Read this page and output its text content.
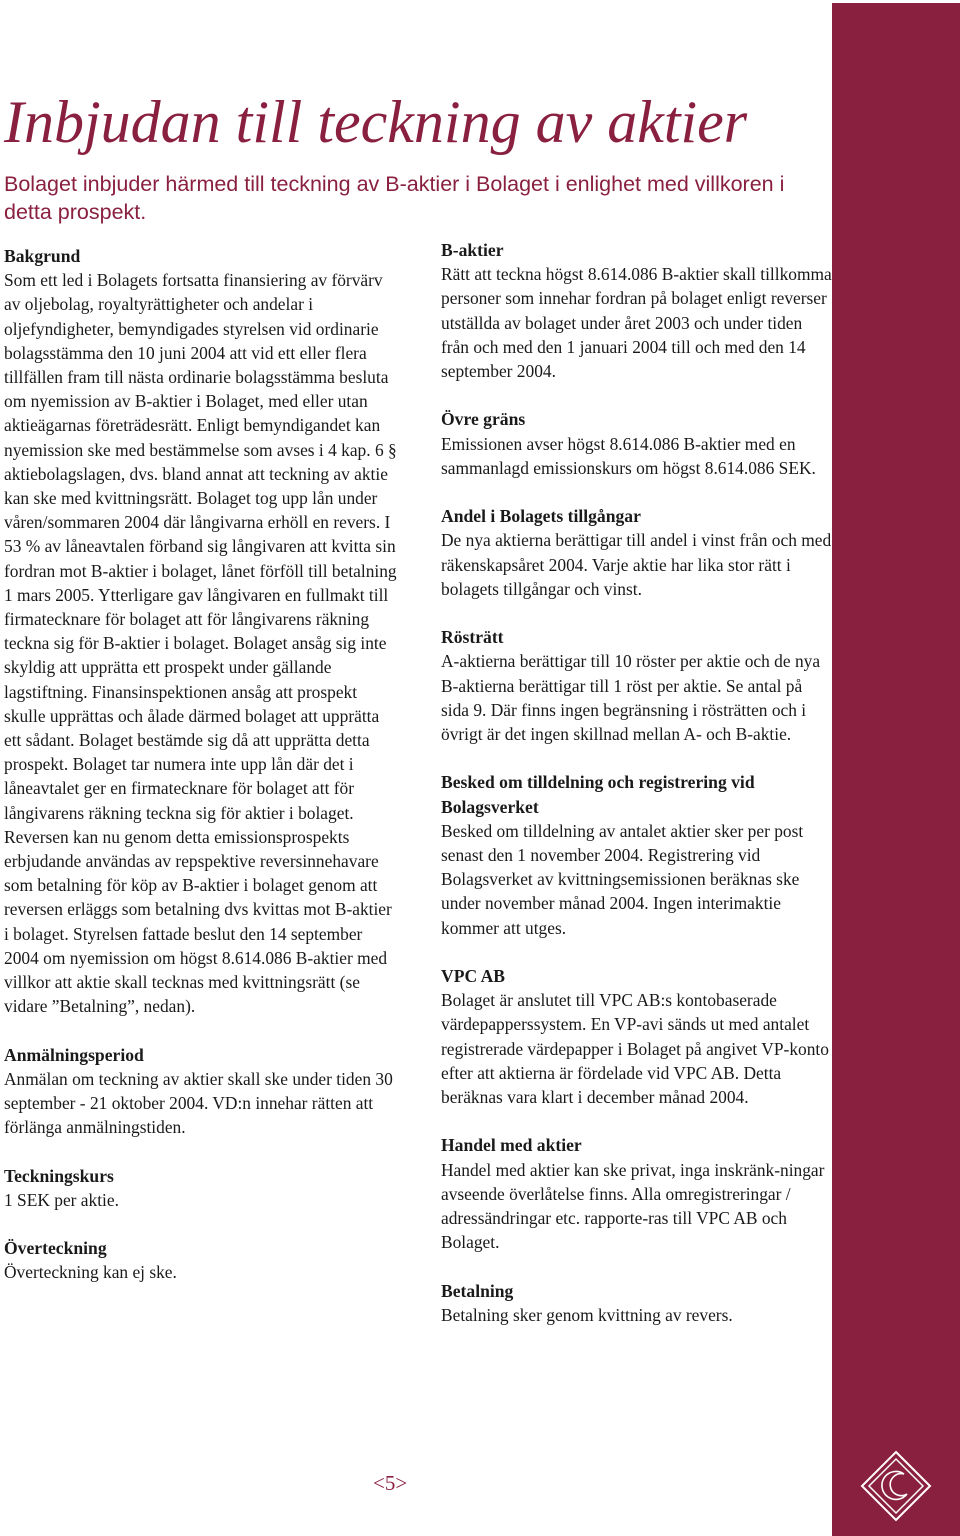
Inbjudan till teckning av aktier

Bolaget inbjuder härmed till teckning av B-aktier i Bolaget i enlighet med villkoren i detta prospekt.

Bakgrund

Som ett led i Bolagets fortsatta finansiering av förvärv av oljebolag, royaltyrättigheter och andelar i oljefyndigheter, bemyndigades styrelsen vid ordinarie bolagsstämma den 10 juni 2004 att vid ett eller flera tillfällen fram till nästa ordinarie bolagsstämma besluta om nyemission av B-aktier i Bolaget, med eller utan aktieägarnas företrädesrätt. Enligt bemyndigandet kan nyemission ske med bestämmelse som avses i 4 kap. 6 § aktiebolagslagen, dvs. bland annat att teckning av aktie kan ske med kvittningsrätt. Bolaget tog upp lån under våren/sommaren 2004 där långivarna erhöll en revers. I 53 % av låneavtalen förband sig långivaren att kvitta sin fordran mot B-aktier i bolaget, lånet förföll till betalning 1 mars 2005. Ytterligare gav långivaren en fullmakt till firmatecknare för bolaget att för långivarens räkning teckna sig för B-aktier i bolaget. Bolaget ansåg sig inte skyldig att upprätta ett prospekt under gällande lagstiftning. Finansinspektionen ansåg att prospekt skulle upprättas och ålade därmed bolaget att upprätta ett sådant. Bolaget bestämde sig då att upprätta detta prospekt. Bolaget tar numera inte upp lån där det i låneavtalet ger en firmatecknare för bolaget att för långivarens räkning teckna sig för aktier i bolaget. Reversen kan nu genom detta emissionsprospekts erbjudande användas av repspektive reversinnehavare som betalning för köp av B-aktier i bolaget genom att reversen erläggs som betalning dvs kvittas mot B-aktier i bolaget. Styrelsen fattade beslut den 14 september 2004 om nyemission om högst 8.614.086 B-aktier med villkor att aktie skall tecknas med kvittningsrätt (se vidare ”Betalning”, nedan).

Anmälningsperiod

Anmälan om teckning av aktier skall ske under tiden 30 september - 21 oktober 2004. VD:n innehar rätten att förlänga anmälningstiden.

Teckningskurs

1 SEK per aktie.

Överteckning

Överteckning kan ej ske.

B-aktier

Rätt att teckna högst 8.614.086 B-aktier skall tillkomma personer som innehar fordran på bolaget enligt reverser utställda av bolaget under året 2003 och under tiden från och med den 1 januari 2004 till och med den 14 september 2004.

Övre gräns

Emissionen avser högst 8.614.086 B-aktier med en sammanlagd emissionskurs om högst 8.614.086 SEK.

Andel i Bolagets tillgångar

De nya aktierna berättigar till andel i vinst från och med räkenskapsåret 2004. Varje aktie har lika stor rätt i bolagets tillgångar och vinst.

Rösträtt

A-aktierna berättigar till 10 röster per aktie och de nya B-aktierna berättigar till 1 röst per aktie. Se antal på sida 9. Där finns ingen begränsning i rösträtten och i övrigt är det ingen skillnad mellan A- och B-aktie.

Besked om tilldelning och registrering vid Bolagsverket

Besked om tilldelning av antalet aktier sker per post senast den 1 november 2004. Registrering vid Bolagsverket av kvittningsemissionen beräknas ske under november månad 2004. Ingen interimaktie kommer att utges.

VPC AB

Bolaget är anslutet till VPC AB:s kontobaserade värdepapperssystem. En VP-avi sänds ut med antalet registrerade värdepapper i Bolaget på angivet VP-konto efter att aktierna är fördelade vid VPC AB. Detta beräknas vara klart i december månad 2004.

Handel med aktier

Handel med aktier kan ske privat, inga inskränk-ningar avseende överlåtelse finns. Alla omregistreringar / adressändringar etc. rapporte-ras till VPC AB och Bolaget.

Betalning

Betalning sker genom kvittning av revers.

<5>
